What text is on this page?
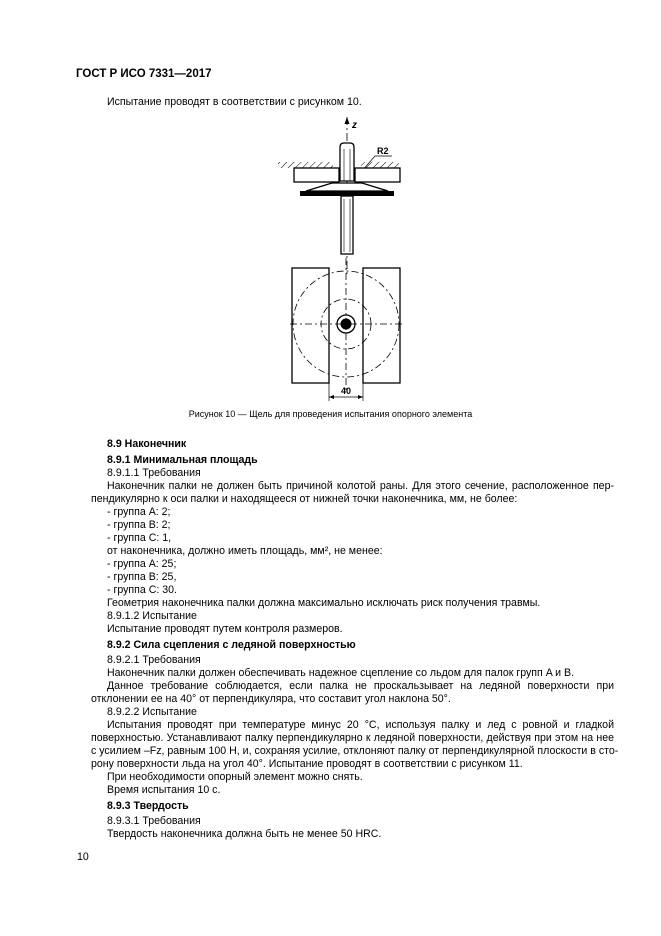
ГОСТ Р ИСО 7331—2017
Испытание проводят в соответствии с рисунком 10.
z
R2
40
Рисунок 10 — Щель для проведения испытания опорного элемента
8.9 Наконечник
8.9.1 Минимальная площадь
8.9.1.1 Требования
Наконечник палки не должен быть причиной колотой раны. Для этого сечение, расположенное пер-
пендикулярно к оси палки и находящееся от нижней точки наконечника, мм, не более:
- группа A: 2;
- группа B: 2;
- группа C: 1,
от наконечника, должно иметь площадь, мм², не менее:
- группа A: 25;
- группа B: 25,
- группа C: 30.
Геометрия наконечника палки должна максимально исключать риск получения травмы.
8.9.1.2 Испытание
Испытание проводят путем контроля размеров.
8.9.2 Сила сцепления с ледяной поверхностью
8.9.2.1 Требования
Наконечник палки должен обеспечивать надежное сцепление со льдом для палок групп A и B.
Данное требование соблюдается, если палка не проскальзывает на ледяной поверхности при
отклонении ее на 40° от перпендикуляра, что составит угол наклона 50°.
8.9.2.2 Испытание
Испытания проводят при температуре минус 20 °С, используя палку и лед с ровной и гладкой
поверхностью. Устанавливают палку перпендикулярно к ледяной поверхности, действуя при этом на нее
с усилием –Fz, равным 100 Н, и, сохраняя усилие, отклоняют палку от перпендикулярной плоскости в сто-
рону поверхности льда на угол 40°. Испытание проводят в соответствии с рисунком 11.
При необходимости опорный элемент можно снять.
Время испытания 10 с.
8.9.3 Твердость
8.9.3.1 Требования
Твердость наконечника должна быть не менее 50 HRC.
10
